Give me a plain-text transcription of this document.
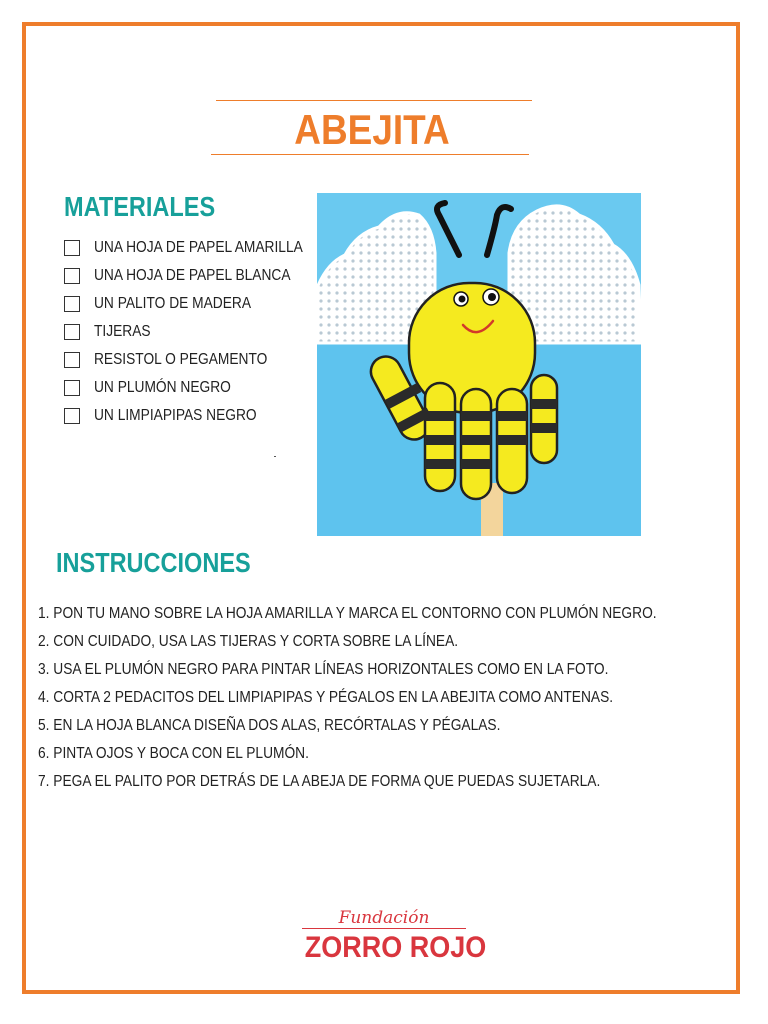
ABEJITA
MATERIALES
UNA HOJA DE PAPEL AMARILLA
UNA HOJA DE PAPEL BLANCA
UN PALITO DE MADERA
TIJERAS
RESISTOL O PEGAMENTO
UN PLUMÓN NEGRO
UN LIMPIAPIPAS NEGRO
INSTRUCCIONES
1. PON TU MANO SOBRE LA HOJA AMARILLA Y MARCA EL CONTORNO CON PLUMÓN NEGRO.
2. CON CUIDADO, USA LAS TIJERAS Y CORTA SOBRE LA LÍNEA.
3. USA EL PLUMÓN NEGRO PARA PINTAR LÍNEAS HORIZONTALES COMO EN LA FOTO.
4. CORTA 2 PEDACITOS DEL LIMPIAPIPAS Y PÉGALOS EN LA ABEJITA COMO ANTENAS.
5. EN LA HOJA BLANCA DISEÑA DOS ALAS, RECÓRTALAS Y PÉGALAS.
6. PINTA OJOS Y BOCA CON EL PLUMÓN.
7. PEGA EL PALITO POR DETRÁS DE LA ABEJA DE FORMA QUE PUEDAS SUJETARLA.
Fundación
ZORRO ROJO
